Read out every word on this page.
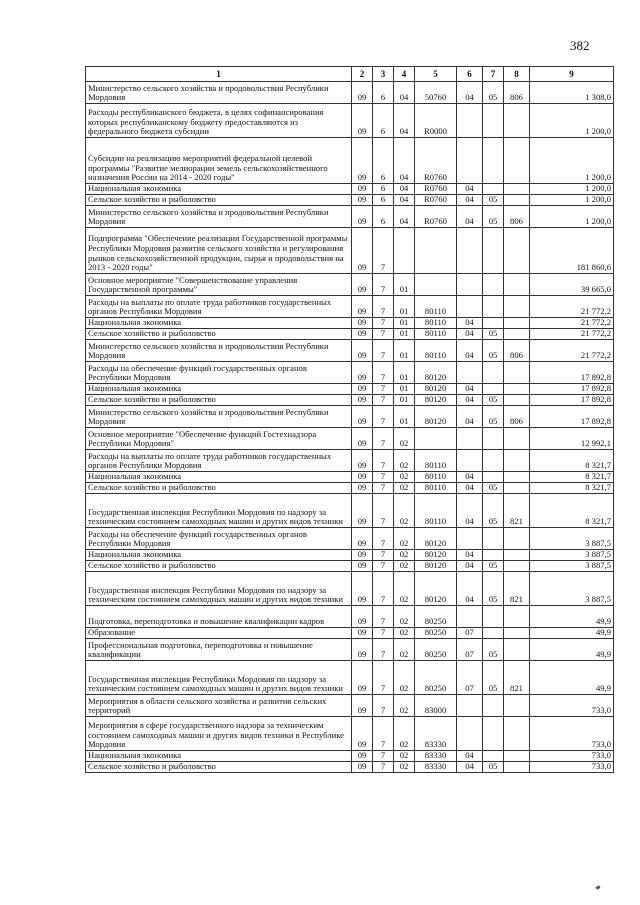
382
1	2	3	4	5	6	7	8	9
Министерство сельского хозяйства и продовольствия Республики Мордовия	09	6	04	50760	04	05	806	1 308,0
Расходы республиканского бюджета, в целях софинансирования которых республиканскому бюджету предоставляются из федерального бюджета субсидии	09	6	04	R0000				1 200,0
Субсидии на реализацию мероприятий федеральной целевой программы "Развитие мелиорации земель сельскохозяйственного назначения России на 2014 - 2020 годы"	09	6	04	R0760				1 200,0
Национальная экономика	09	6	04	R0760	04			1 200,0
Сельское хозяйство и рыболовство	09	6	04	R0760	04	05		1 200,0
Министерство сельского хозяйства и продовольствия Республики Мордовия	09	6	04	R0760	04	05	806	1 200,0
Подпрограмма "Обеспечение реализации Государственной программы Республики Мордовия развития сельского хозяйства и регулирования рынков сельскохозяйственной продукции, сырья и продовольствия на 2013 - 2020 годы"	09	7						181 860,6
Основное мероприятие "Совершенствование управления Государственной программы"	09	7	01					39 665,0
Расходы на выплаты по оплате труда работников государственных органов Республики Мордовия	09	7	01	80110				21 772,2
Национальная экономика	09	7	01	80110	04			21 772,2
Сельское хозяйство и рыболовство	09	7	01	80110	04	05		21 772,2
Министерство сельского хозяйства и продовольствия Республики Мордовия	09	7	01	80110	04	05	806	21 772,2
Расходы на обеспечение функций государственных органов Республики Мордовия	09	7	01	80120				17 892,8
Национальная экономика	09	7	01	80120	04			17 892,8
Сельское хозяйство и рыболовство	09	7	01	80120	04	05		17 892,8
Министерство сельского хозяйства и продовольствия Республики Мордовия	09	7	01	80120	04	05	806	17 892,8
Основное мероприятие "Обеспечение функций Гостехнадзора Республики Мордовия"	09	7	02					12 992,1
Расходы на выплаты по оплате труда работников государственных органов Республики Мордовия	09	7	02	80110				8 321,7
Национальная экономика	09	7	02	80110	04			8 321,7
Сельское хозяйство и рыболовство	09	7	02	80110	04	05		8 321,7
Государственная инспекция Республики Мордовия по надзору за техническим состоянием самоходных машин и других видов техники	09	7	02	80110	04	05	821	8 321,7
Расходы на обеспечение функций государственных органов Республики Мордовия	09	7	02	80120				3 887,5
Национальная экономика	09	7	02	80120	04			3 887,5
Сельское хозяйство и рыболовство	09	7	02	80120	04	05		3 887,5
Государственная инспекция Республики Мордовия по надзору за техническим состоянием самоходных машин и других видов техники	09	7	02	80120	04	05	821	3 887,5
Подготовка, переподготовка и повышение квалификации кадров	09	7	02	80250				49,9
Образование	09	7	02	80250	07			49,9
Профессиональная подготовка, переподготовка и повышение квалификации	09	7	02	80250	07	05		49,9
Государственная инспекция Республики Мордовия по надзору за техническим состоянием самоходных машин и других видов техники	09	7	02	80250	07	05	821	49,9
Мероприятия в области сельского хозяйства и развития сельских территорий	09	7	02	83000				733,0
Мероприятия в сфере государственного надзора за техническим состоянием самоходных машин и других видов техники в Республике Мордовия	09	7	02	83330				733,0
Национальная экономика	09	7	02	83330	04			733,0
Сельское хозяйство и рыболовство	09	7	02	83330	04	05		733,0
